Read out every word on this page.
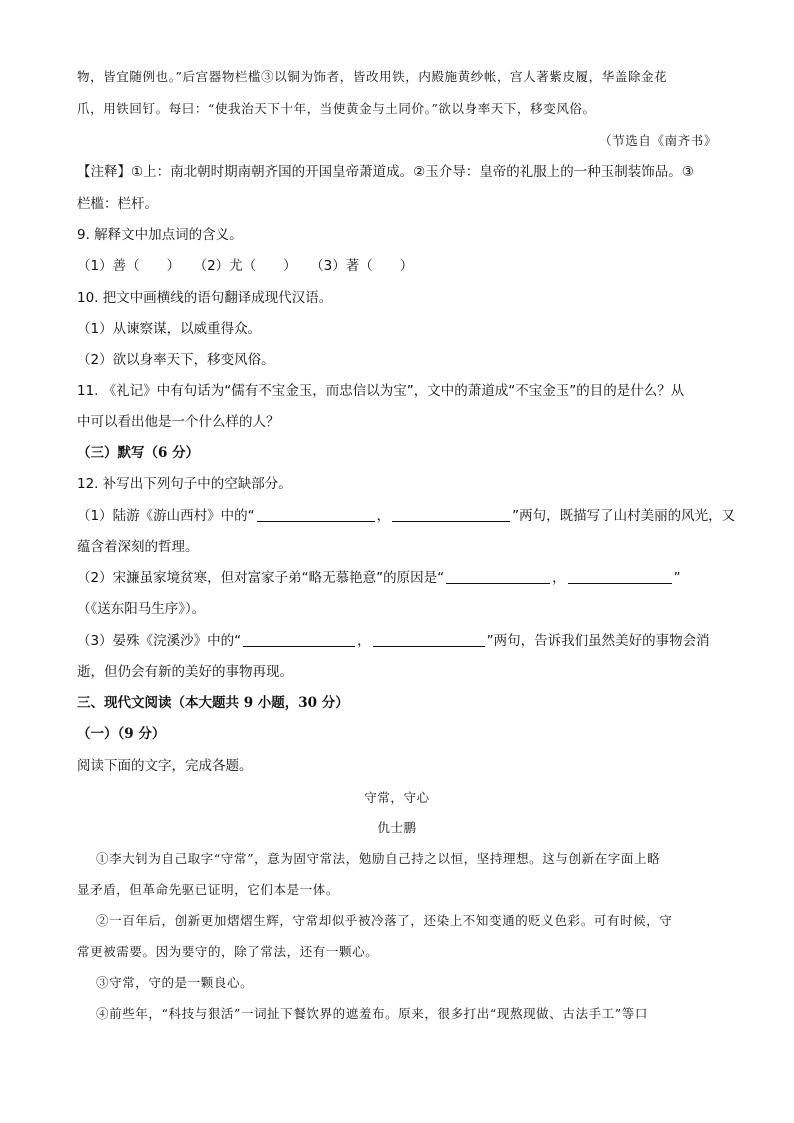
物，皆宜随例也。”后宫器物栏槛③以铜为饰者，皆改用铁，内殿施黄纱帐，宫人著紫皮履，华盖除金花
爪，用铁回钉。每曰：“使我治天下十年，当使黄金与土同价。”欲以身率天下，移变风俗。
（节选自《南齐书》
【注释】①上：南北朝时期南朝齐国的开国皇帝萧道成。②玉介导：皇帝的礼服上的一种玉制装饰品。③
栏槛：栏杆。
9. 解释文中加点词的含义。
（1）善（　　）　　（2）尤（　　）　　（3）著（　　）
10. 把文中画横线的语句翻译成现代汉语。
（1）从谏察谋，以威重得众。
（2）欲以身率天下，移变风俗。
11. 《礼记》中有句话为“儒有不宝金玉，而忠信以为宝”，文中的萧道成“不宝金玉”的目的是什么？从
中可以看出他是一个什么样的人？
（三）默写（6 分）
12. 补写出下列句子中的空缺部分。
（1）陆游《游山西村》中的“	，	”两句，既描写了山村美丽的风光，又
蕴含着深刻的哲理。
（2）宋濂虽家境贫寒，但对富家子弟“略无慕艳意”的原因是“	，	”
（《送东阳马生序》）。
（3）晏殊《浣溪沙》中的“	，	”两句，告诉我们虽然美好的事物会消
逝，但仍会有新的美好的事物再现。
三、现代文阅读（本大题共 9 小题，30 分）
（一）（9 分）
阅读下面的文字，完成各题。
守常，守心
仇士鹏
①李大钊为自己取字“守常”，意为固守常法，勉励自己持之以恒，坚持理想。这与创新在字面上略
显矛盾，但革命先驱已证明，它们本是一体。
②一百年后，创新更加熠熠生辉，守常却似乎被冷落了，还染上不知变通的贬义色彩。可有时候，守
常更被需要。因为要守的，除了常法，还有一颗心。
③守常，守的是一颗良心。
④前些年，“科技与狠活”一词扯下餐饮界的遮羞布。原来，很多打出“现熬现做、古法手工”等口
